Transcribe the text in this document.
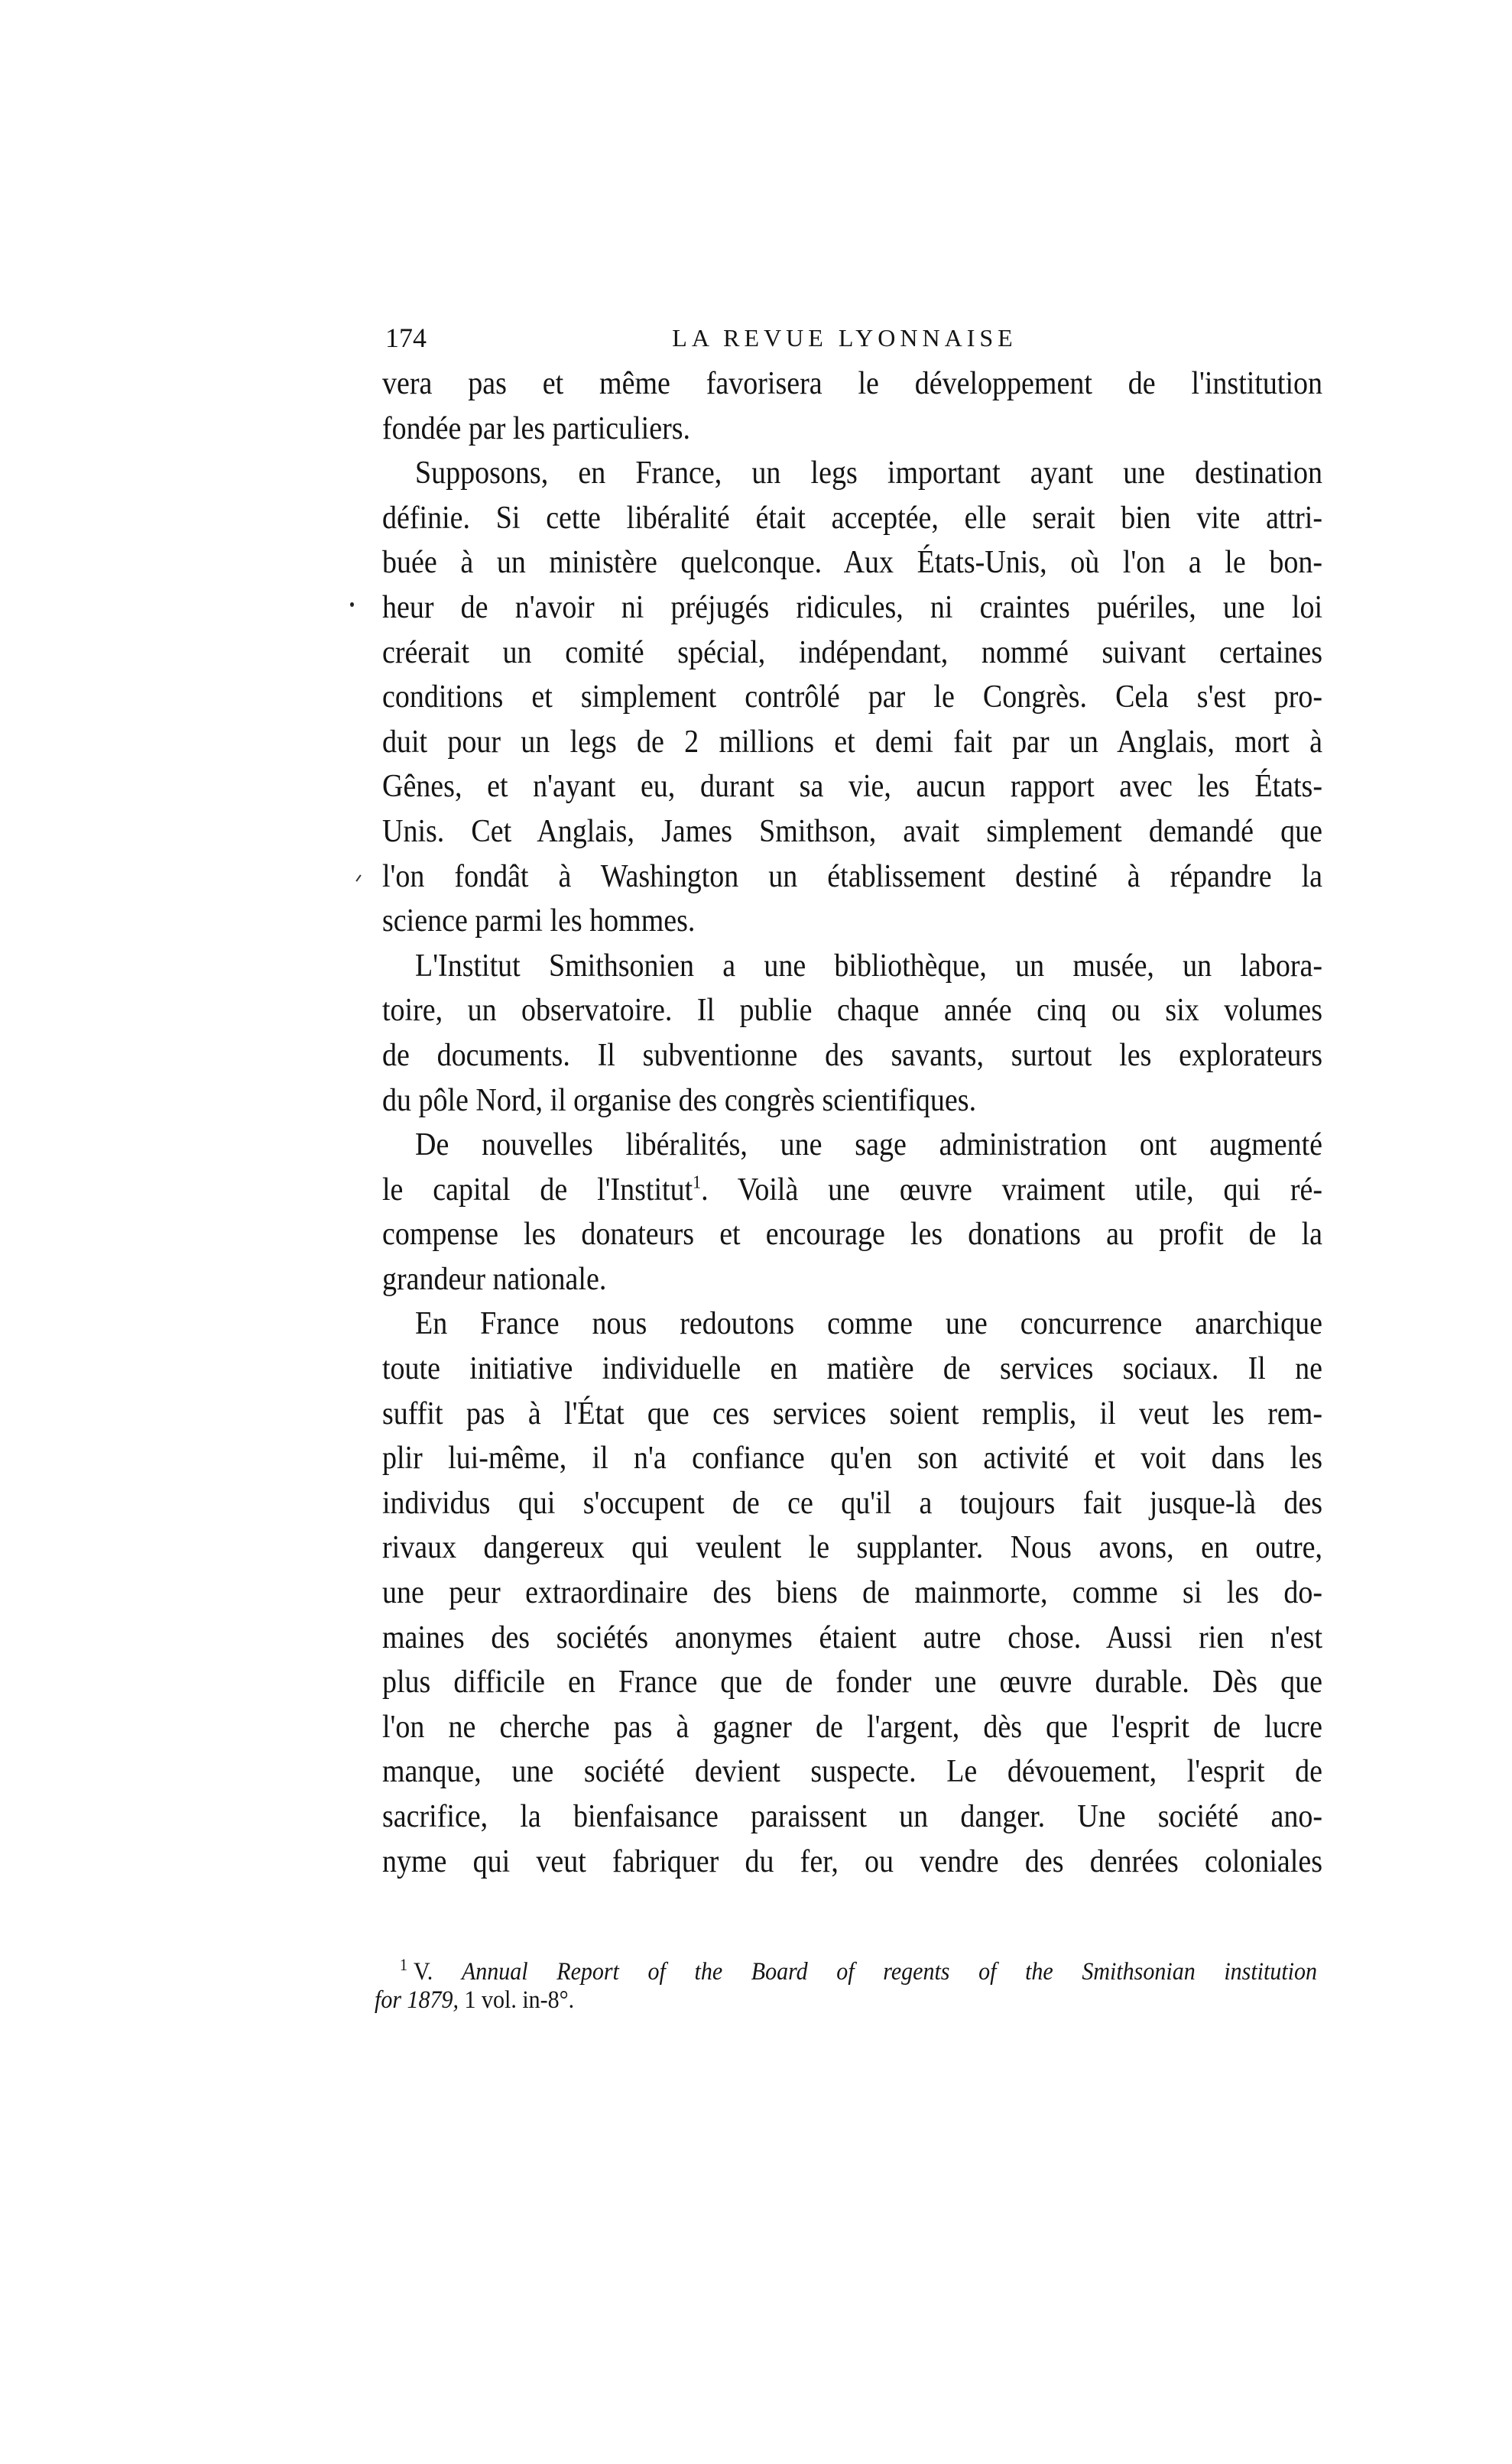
174	LA REVUE LYONNAISE
vera pas et même favorisera le développement de l'institution
fondée par les particuliers.
Supposons, en France, un legs important ayant une destination
définie. Si cette libéralité était acceptée, elle serait bien vite attri-
buée à un ministère quelconque. Aux États-Unis, où l'on a le bon-
heur de n'avoir ni préjugés ridicules, ni craintes puériles, une loi
créerait un comité spécial, indépendant, nommé suivant certaines
conditions et simplement contrôlé par le Congrès. Cela s'est pro-
duit pour un legs de 2 millions et demi fait par un Anglais, mort à
Gênes, et n'ayant eu, durant sa vie, aucun rapport avec les États-
Unis. Cet Anglais, James Smithson, avait simplement demandé que
l'on fondât à Washington un établissement destiné à répandre la
science parmi les hommes.
L'Institut Smithsonien a une bibliothèque, un musée, un labora-
toire, un observatoire. Il publie chaque année cinq ou six volumes
de documents. Il subventionne des savants, surtout les explorateurs
du pôle Nord, il organise des congrès scientifiques.
De nouvelles libéralités, une sage administration ont augmenté
le capital de l'Institut$^1$. Voilà une œuvre vraiment utile, qui ré-
compense les donateurs et encourage les donations au profit de la
grandeur nationale.
En France nous redoutons comme une concurrence anarchique
toute initiative individuelle en matière de services sociaux. Il ne
suffit pas à l'État que ces services soient remplis, il veut les rem-
plir lui-même, il n'a confiance qu'en son activité et voit dans les
individus qui s'occupent de ce qu'il a toujours fait jusque-là des
rivaux dangereux qui veulent le supplanter. Nous avons, en outre,
une peur extraordinaire des biens de mainmorte, comme si les do-
maines des sociétés anonymes étaient autre chose. Aussi rien n'est
plus difficile en France que de fonder une œuvre durable. Dès que
l'on ne cherche pas à gagner de l'argent, dès que l'esprit de lucre
manque, une société devient suspecte. Le dévouement, l'esprit de
sacrifice, la bienfaisance paraissent un danger. Une société ano-
nyme qui veut fabriquer du fer, ou vendre des denrées coloniales
$^1$ V. Annual Report of the Board of regents of the Smithsonian institution
for 1879, 1 vol. in-8°.
